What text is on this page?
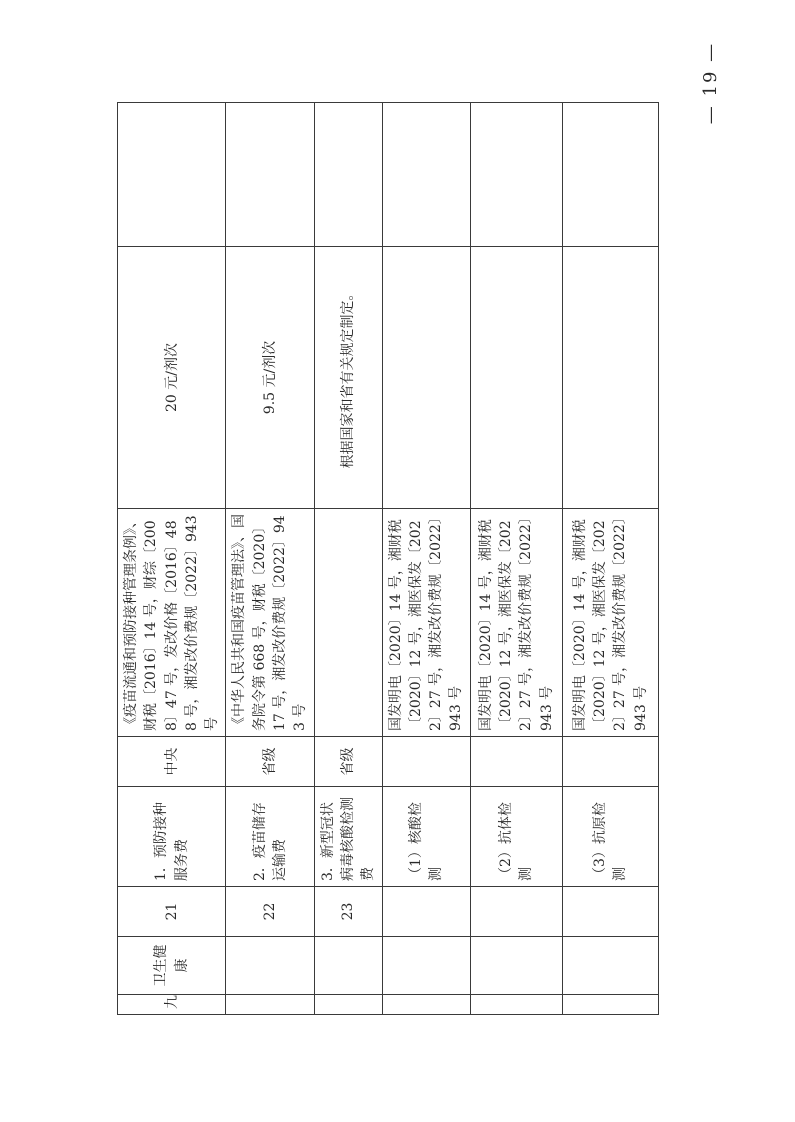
九	卫生健康	21	1．预防接种服务费	中央	《疫苗流通和预防接种管理条例》、财税〔2016〕14 号，财综〔2008〕47 号，发改价格〔2016〕488 号，湘发改价费规〔2022〕943 号	20 元/剂次	
		22	2．疫苗储存运输费	省级	《中华人民共和国疫苗管理法》、国务院令第 668 号，财税〔2020〕17 号，湘发改价费规〔2022〕943 号	9.5 元/剂次	
		23	3．新型冠状病毒核酸检测费	省级		根据国家和省有关规定制定。	
			（1）核酸检测		国发明电〔2020〕14 号，湘财税〔2020〕12 号，湘医保发〔2022〕27 号，湘发改价费规〔2022〕943 号		
			（2）抗体检测		国发明电〔2020〕14 号，湘财税〔2020〕12 号，湘医保发〔2022〕27 号，湘发改价费规〔2022〕943 号		
			（3）抗原检测		国发明电〔2020〕14 号，湘财税〔2020〕12 号，湘医保发〔2022〕27 号，湘发改价费规〔2022〕943 号		
— 19 —
